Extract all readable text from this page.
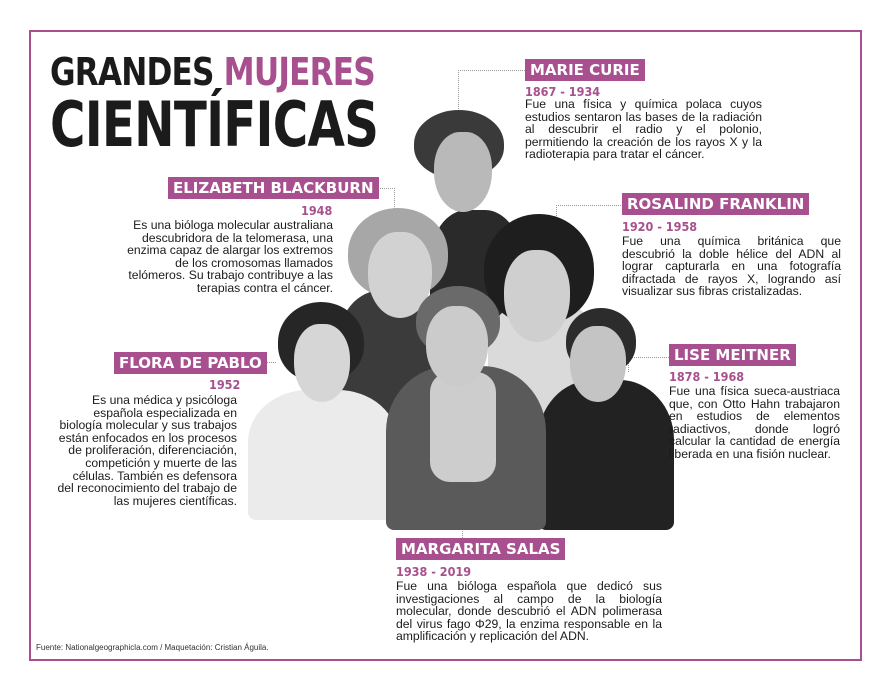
GRANDES MUJERES
CIENTÍFICAS
MARIE CURIE
1867 - 1934
Fue una física y química polaca cuyos estudios sentaron las bases de la radiación al descubrir el radio y el polonio, permitiendo la creación de los rayos X y la radioterapia para tratar el cáncer.
ELIZABETH BLACKBURN
1948
Es una bióloga molecular australiana descubridora de la telomerasa, una enzima capaz de alargar los extremos de los cromosomas llamados telómeros. Su trabajo contribuye a las terapias contra el cáncer.
ROSALIND FRANKLIN
1920 - 1958
Fue una química británica que descubrió la doble hélice del ADN al lograr capturarla en una fotografía difractada de rayos X, logrando así visualizar sus fibras cristalizadas.
FLORA DE PABLO
1952
Es una médica y psicóloga española especializada en biología molecular y sus trabajos están enfocados en los procesos de proliferación, diferenciación, competición y muerte de las células. También es defensora del reconocimiento del trabajo de las mujeres científicas.
LISE MEITNER
1878 - 1968
Fue una física sueca-austriaca que, con Otto Hahn trabajaron en estudios de elementos radiactivos, donde logró calcular la cantidad de energía liberada en una fisión nuclear.
MARGARITA SALAS
1938 - 2019
Fue una bióloga española que dedicó sus investigaciones al campo de la biología molecular, donde descubrió el ADN polimerasa del virus fago Φ29, la enzima responsable en la amplificación y replicación del ADN.
Fuente: Nationalgeographicla.com / Maquetación: Cristian Águila.
